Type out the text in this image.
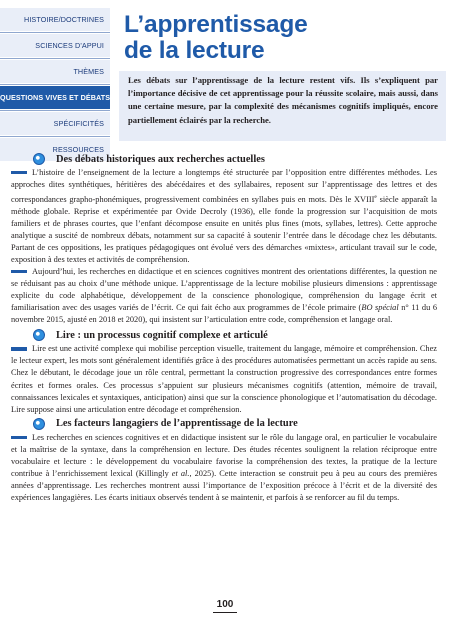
HISTOIRE/DOCTRINES
SCIENCES D’APPUI
THÈMES
QUESTIONS VIVES ET DÉBATS
SPÉCIFICITÉS
RESSOURCES
L’apprentissage
de la lecture
Les débats sur l’apprentissage de la lecture restent vifs. Ils s’expliquent par l’importance décisive de cet apprentissage pour la réussite scolaire, mais aussi, dans une certaine mesure, par la complexité des mécanismes cognitifs impliqués, encore partiellement éclairés par la recherche.
Des débats historiques aux recherches actuelles

L’histoire de l’enseignement de la lecture a longtemps été structurée par l’opposition entre différentes méthodes. Les approches dites synthétiques, héritières des abécédaires et des syllabaires, reposent sur l’apprentissage des lettres et des correspondances grapho-phonémiques, progressivement combinées en syllabes puis en mots. Dès le XVIIIe siècle apparaît la méthode globale. Reprise et expérimentée par Ovide Decroly (1936), elle fonde la progression sur l’acquisition de mots familiers et de phrases courtes, que l’enfant décompose ensuite en unités plus fines (mots, syllabes, lettres). Cette approche analytique a suscité de nombreux débats, notamment sur sa capacité à soutenir l’entrée dans le décodage chez les débutants. Partant de ces oppositions, les pratiques pédagogiques ont évolué vers des démarches «mixtes», articulant travail sur le code, exposition à des textes et activités de compréhension.

Aujourd’hui, les recherches en didactique et en sciences cognitives montrent des orientations différentes, la question ne se réduisant pas au choix d’une méthode unique. L’apprentissage de la lecture mobilise plusieurs dimensions : apprentissage explicite du code alphabétique, développement de la conscience phonologique, compréhension du langage écrit et familiarisation avec des usages variés de l’écrit. Ce qui fait écho aux programmes de l’école primaire (BO spécial n° 11 du 6 novembre 2015, ajusté en 2018 et 2020), qui insistent sur l’articulation entre code, compréhension et langage oral.

Lire : un processus cognitif complexe et articulé

Lire est une activité complexe qui mobilise perception visuelle, traitement du langage, mémoire et compréhension. Chez le lecteur expert, les mots sont généralement identifiés grâce à des procédures automatisées permettant un accès rapide au sens. Chez le débutant, le décodage joue un rôle central, permettant la construction progressive des correspondances entre formes écrites et formes orales. Ces processus s’appuient sur plusieurs mécanismes cognitifs (attention, mémoire de travail, connaissances lexicales et syntaxiques, anticipation) ainsi que sur la conscience phonologique et l’automatisation du décodage. Lire suppose ainsi une articulation entre décodage et compréhension.

Les facteurs langagiers de l’apprentissage de la lecture

Les recherches en sciences cognitives et en didactique insistent sur le rôle du langage oral, en particulier le vocabulaire et la maîtrise de la syntaxe, dans la compréhension en lecture. Des études récentes soulignent la relation réciproque entre vocabulaire et lecture : le développement du vocabulaire favorise la compréhension des textes, la pratique de la lecture contribue à l’enrichissement lexical (Killingly et al., 2025). Cette interaction se construit peu à peu au cours des premières années d’apprentissage. Les recherches montrent aussi l’importance de l’exposition précoce à l’écrit et de la diversité des expériences langagières. Les écarts initiaux observés tendent à se maintenir, et parfois à se renforcer au fil du temps.

100
